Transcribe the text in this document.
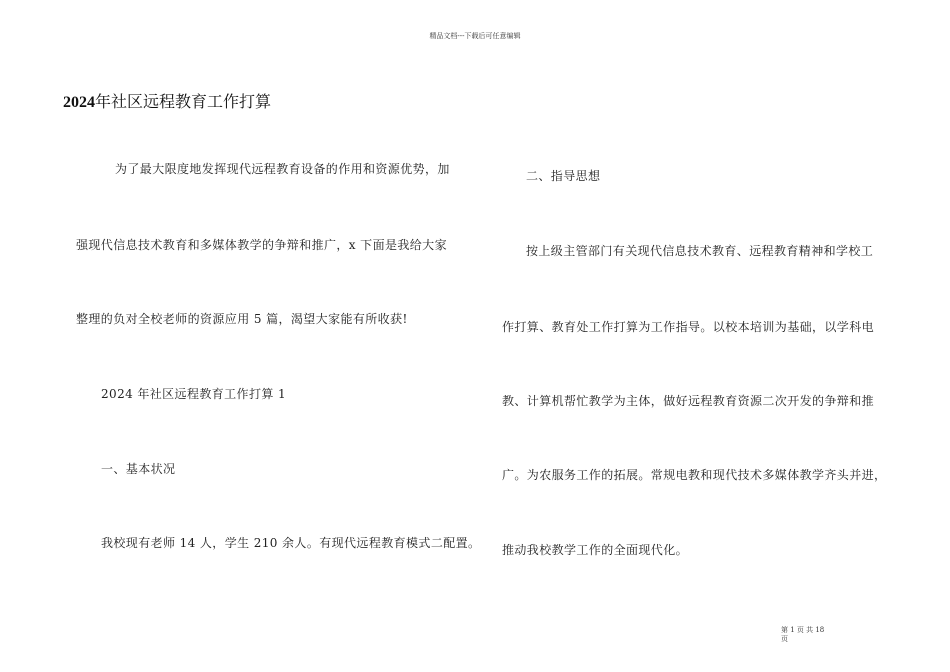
精品文档---下载后可任意编辑
2024年社区远程教育工作打算
为了最大限度地发挥现代远程教育设备的作用和资源优势，加
强现代信息技术教育和多媒体教学的争辩和推广，x 下面是我给大家
整理的负对全校老师的资源应用 5 篇，渴望大家能有所收获!
2024 年社区远程教育工作打算 1
一、基本状况
我校现有老师 14 人，学生 210 余人。有现代远程教育模式二配置。
二、指导思想
按上级主管部门有关现代信息技术教育、远程教育精神和学校工
作打算、教育处工作打算为工作指导。以校本培训为基础，以学科电
教、计算机帮忙教学为主体，做好远程教育资源二次开发的争辩和推
广。为农服务工作的拓展。常规电教和现代技术多媒体教学齐头并进，
推动我校教学工作的全面现代化。
第 1 页 共 18
页
